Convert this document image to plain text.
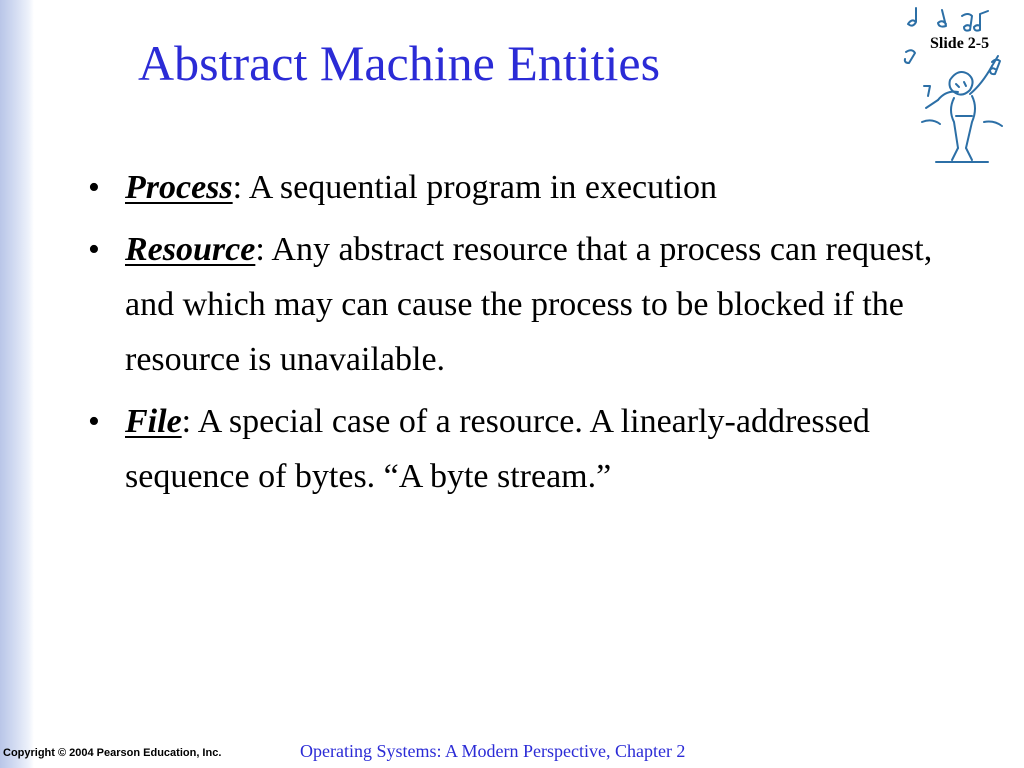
Abstract Machine Entities	Slide 2-5
• Process: A sequential program in execution
• Resource: Any abstract resource that a process can request, and which may can cause the process to be blocked if the resource is unavailable.
• File: A special case of a resource. A linearly-addressed sequence of bytes. “A byte stream.”
Copyright © 2004 Pearson Education, Inc.	Operating Systems: A Modern Perspective, Chapter 2
